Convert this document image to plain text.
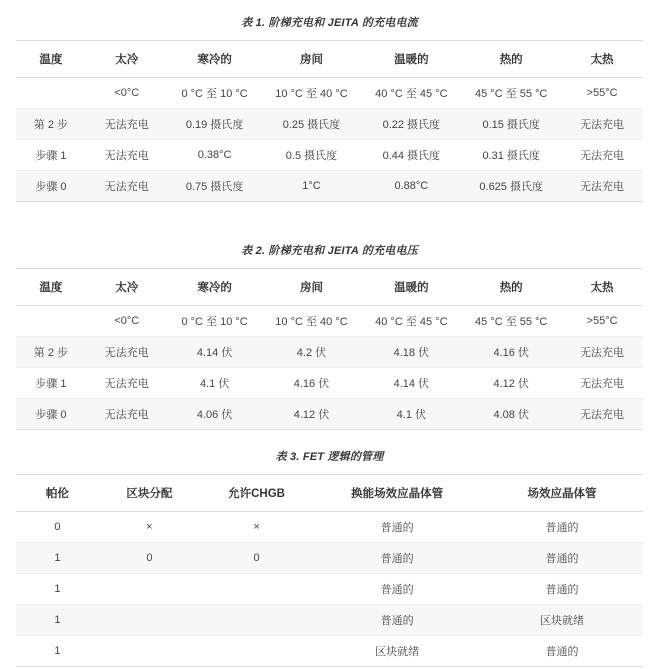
表 1. 阶梯充电和 JEITA 的充电电流
温度	太冷	寒冷的	房间	温暖的	热的	太热
	<0°C	0 °C 至 10 °C	10 °C 至 40 °C	40 °C 至 45 °C	45 °C 至 55 °C	>55°C
第 2 步	无法充电	0.19 摄氏度	0.25 摄氏度	0.22 摄氏度	0.15 摄氏度	无法充电
步骤 1	无法充电	0.38°C	0.5 摄氏度	0.44 摄氏度	0.31 摄氏度	无法充电
步骤 0	无法充电	0.75 摄氏度	1°C	0.88°C	0.625 摄氏度	无法充电
表 2. 阶梯充电和 JEITA 的充电电压
温度	太冷	寒冷的	房间	温暖的	热的	太热
	<0°C	0 °C 至 10 °C	10 °C 至 40 °C	40 °C 至 45 °C	45 °C 至 55 °C	>55°C
第 2 步	无法充电	4.14 伏	4.2 伏	4.18 伏	4.16 伏	无法充电
步骤 1	无法充电	4.1 伏	4.16 伏	4.14 伏	4.12 伏	无法充电
步骤 0	无法充电	4.06 伏	4.12 伏	4.1 伏	4.08 伏	无法充电
表 3. FET 逻辑的管理
帕伦	区块分配	允许CHGB	换能场效应晶体管	场效应晶体管
0	×	×	普通的	普通的
1	0	0	普通的	普通的
1			普通的	普通的
1			普通的	区块就绪
1			区块就绪	普通的
